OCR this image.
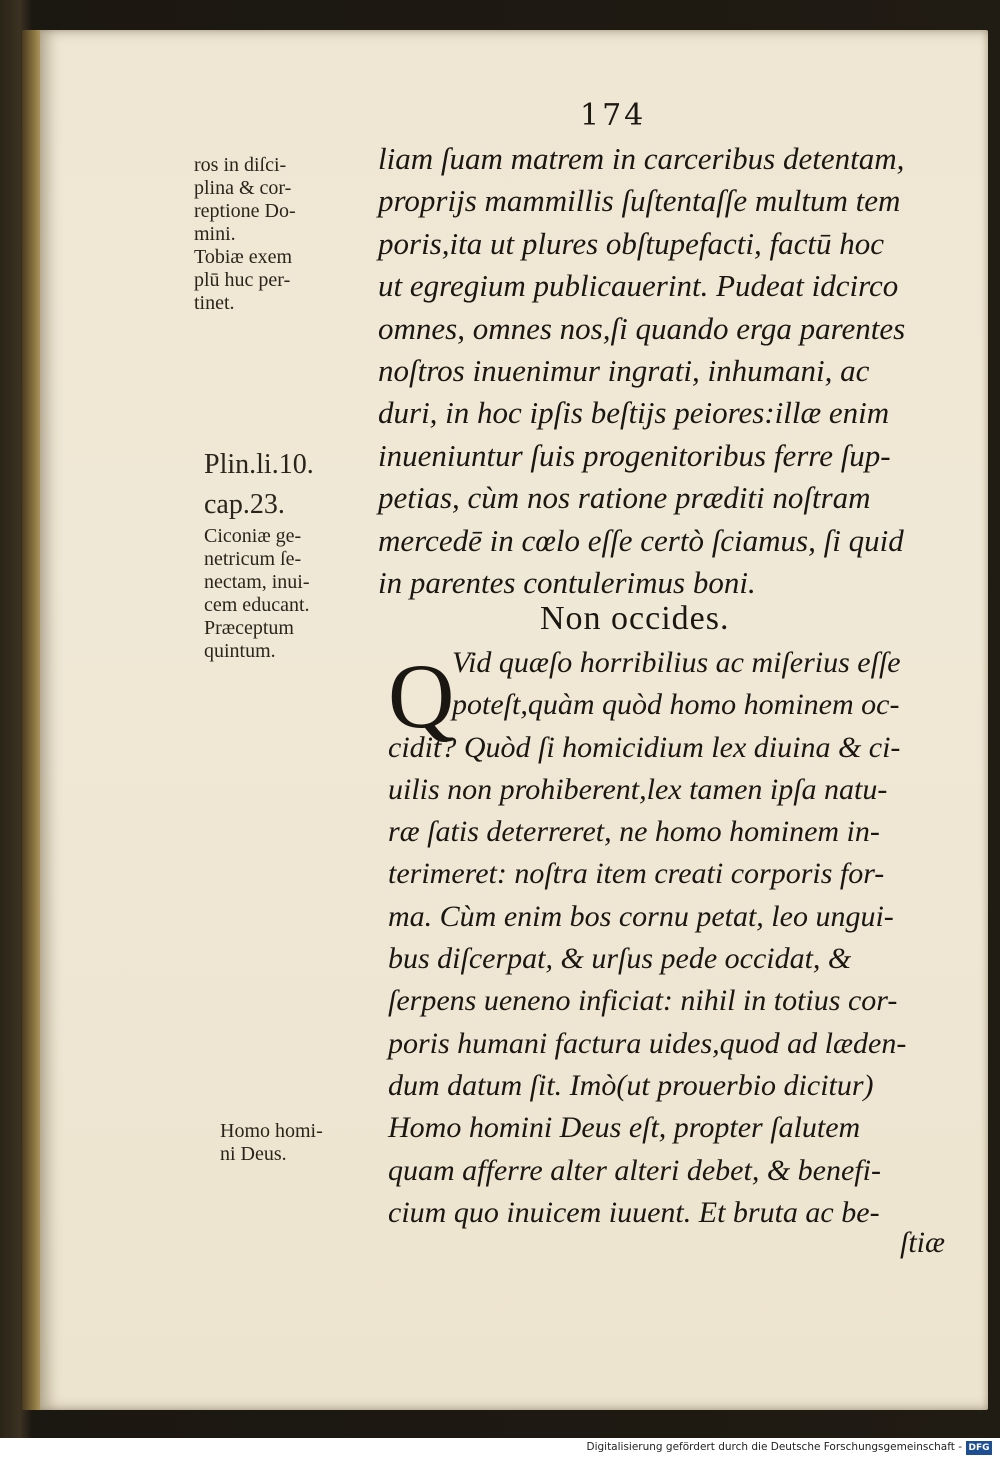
174
liam ſuam matrem in carceribus detentam,
proprijs mammillis ſuſtentaſſe multum tem
poris,ita ut plures obſtupefacti, factū hoc
ut egregium publicauerint. Pudeat idcirco
omnes, omnes nos,ſi quando erga parentes
noſtros inuenimur ingrati, inhumani, ac
duri, in hoc ipſis beſtijs peiores:illæ enim
inueniuntur ſuis progenitoribus ferre ſup-
petias, cùm nos ratione præditi noſtram
mercedē in cœlo eſſe certò ſciamus, ſi quid
in parentes contulerimus boni.
Non occides.
Q
Vid quæſo horribilius ac miſerius eſſe
poteſt,quàm quòd homo hominem oc-
cidit? Quòd ſi homicidium lex diuina & ci-
uilis non prohiberent,lex tamen ipſa natu-
ræ ſatis deterreret, ne homo hominem in-
terimeret: noſtra item creati corporis for-
ma. Cùm enim bos cornu petat, leo ungui-
bus diſcerpat, & urſus pede occidat, &
ſerpens ueneno inficiat: nihil in totius cor-
poris humani factura uides,quod ad læden-
dum datum ſit. Imò(ut prouerbio dicitur)
Homo homini Deus eſt, propter ſalutem
quam afferre alter alteri debet, & benefi-
cium quo inuicem iuuent. Et bruta ac be-
ſtiæ
ros in diſci-
plina & cor-
reptione Do-
mini.
Tobiæ exem
plū huc per-
tinet.
Plin.li.10.
cap.23.
Ciconiæ ge-
netricum ſe-
nectam, inui-
cem educant.
Præceptum
quintum.
Homo homi-
ni Deus.
Digitalisierung gefördert durch die Deutsche Forschungsgemeinschaft - DFG
